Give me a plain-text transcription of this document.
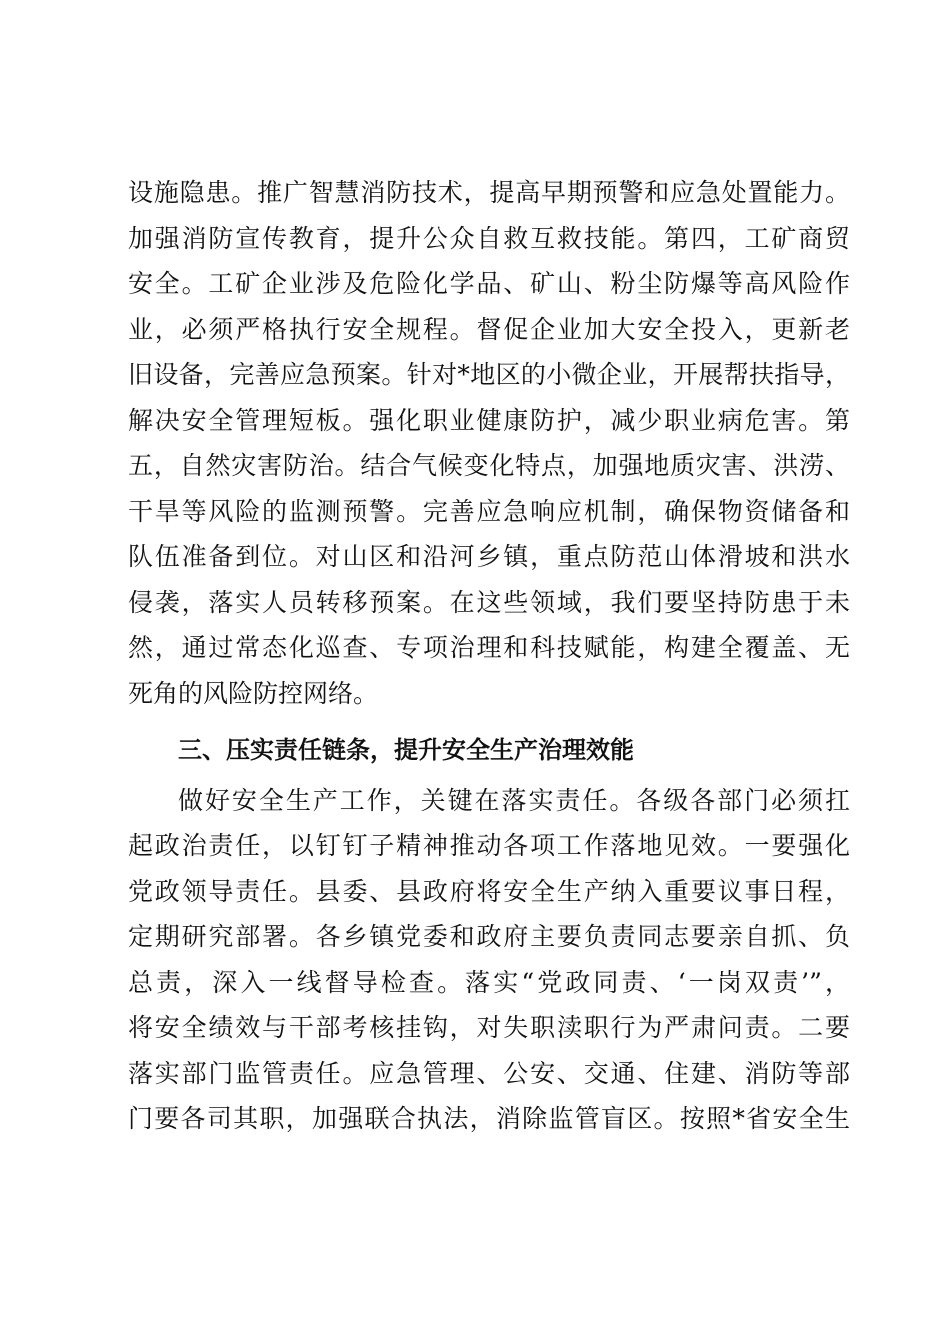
设施隐患。推广智慧消防技术，提高早期预警和应急处置能力。
加强消防宣传教育，提升公众自救互救技能。第四，工矿商贸
安全。工矿企业涉及危险化学品、矿山、粉尘防爆等高风险作
业，必须严格执行安全规程。督促企业加大安全投入，更新老
旧设备，完善应急预案。针对*地区的小微企业，开展帮扶指导，
解决安全管理短板。强化职业健康防护，减少职业病危害。第
五，自然灾害防治。结合气候变化特点，加强地质灾害、洪涝、
干旱等风险的监测预警。完善应急响应机制，确保物资储备和
队伍准备到位。对山区和沿河乡镇，重点防范山体滑坡和洪水
侵袭，落实人员转移预案。在这些领域，我们要坚持防患于未
然，通过常态化巡查、专项治理和科技赋能，构建全覆盖、无
死角的风险防控网络。
三、压实责任链条，提升安全生产治理效能
做好安全生产工作，关键在落实责任。各级各部门必须扛
起政治责任，以钉钉子精神推动各项工作落地见效。一要强化
党政领导责任。县委、县政府将安全生产纳入重要议事日程，
定期研究部署。各乡镇党委和政府主要负责同志要亲自抓、负
总责，深入一线督导检查。落实“党政同责、‘一岗双责’”，
将安全绩效与干部考核挂钩，对失职渎职行为严肃问责。二要
落实部门监管责任。应急管理、公安、交通、住建、消防等部
门要各司其职，加强联合执法，消除监管盲区。按照*省安全生
